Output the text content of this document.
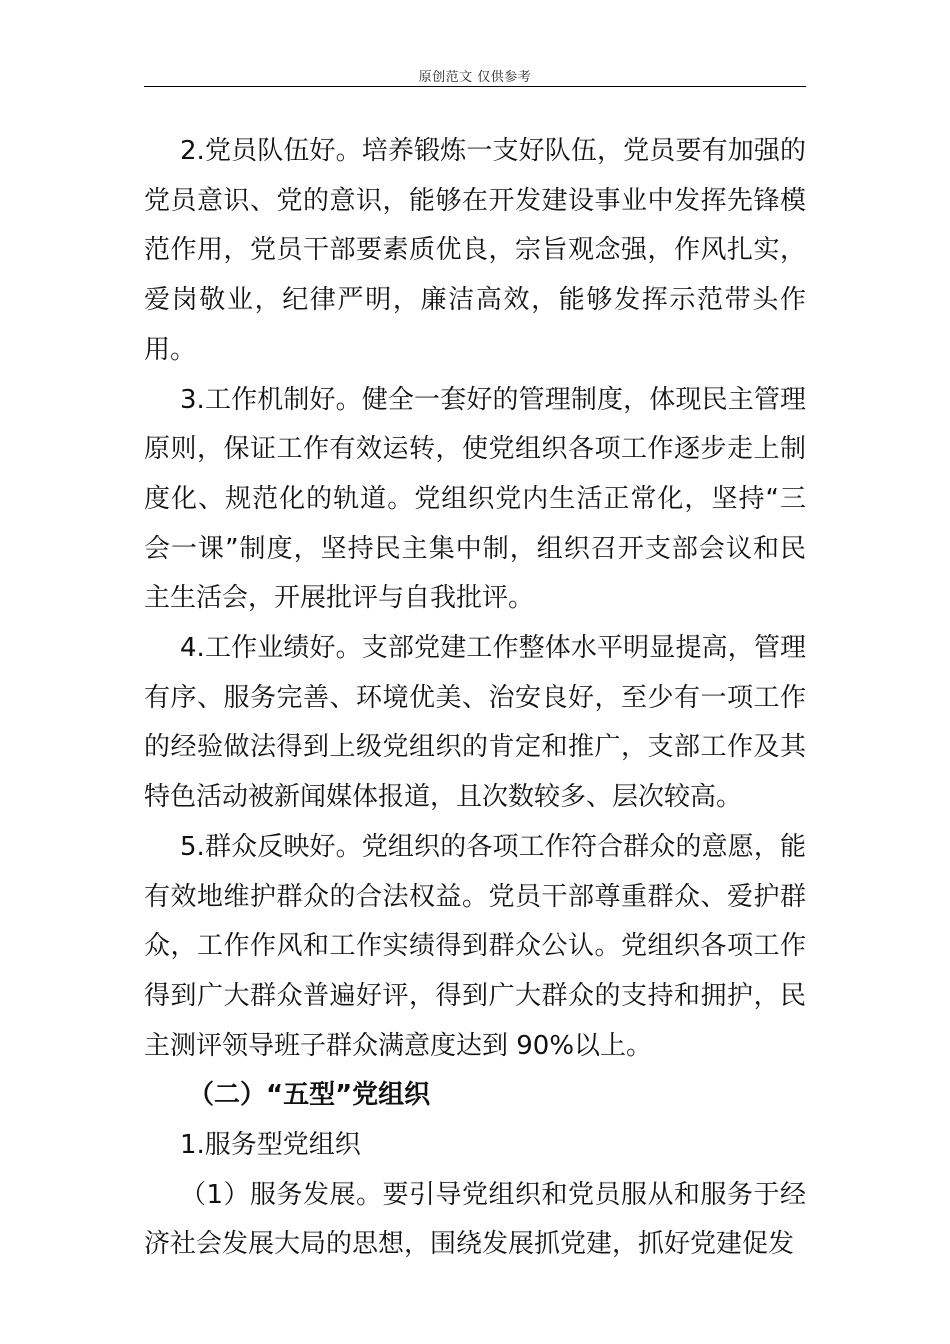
原创范文 仅供参考

2.党员队伍好。培养锻炼一支好队伍，党员要有加强的党员意识、党的意识，能够在开发建设事业中发挥先锋模范作用，党员干部要素质优良，宗旨观念强，作风扎实，爱岗敬业，纪律严明，廉洁高效，能够发挥示范带头作用。

3.工作机制好。健全一套好的管理制度，体现民主管理原则，保证工作有效运转，使党组织各项工作逐步走上制度化、规范化的轨道。党组织党内生活正常化，坚持“三会一课”制度，坚持民主集中制，组织召开支部会议和民主生活会，开展批评与自我批评。

4.工作业绩好。支部党建工作整体水平明显提高，管理有序、服务完善、环境优美、治安良好，至少有一项工作的经验做法得到上级党组织的肯定和推广，支部工作及其特色活动被新闻媒体报道，且次数较多、层次较高。

5.群众反映好。党组织的各项工作符合群众的意愿，能有效地维护群众的合法权益。党员干部尊重群众、爱护群众，工作作风和工作实绩得到群众公认。党组织各项工作得到广大群众普遍好评，得到广大群众的支持和拥护，民主测评领导班子群众满意度达到 90%以上。

（二）“五型”党组织

1.服务型党组织

（1）服务发展。要引导党组织和党员服从和服务于经济社会发展大局的思想，围绕发展抓党建，抓好党建促发
